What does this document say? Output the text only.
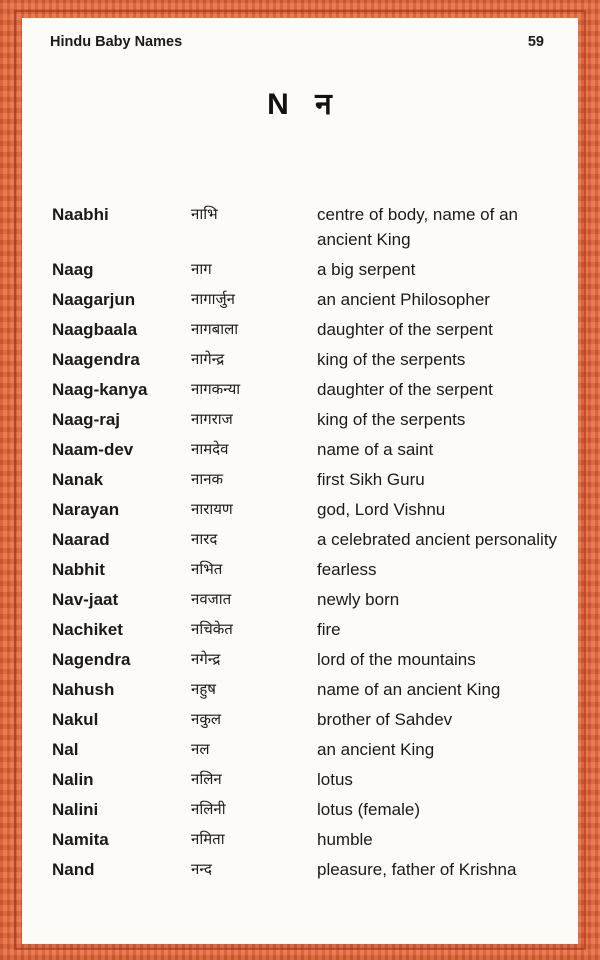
Hindu Baby Names	59
N न
Naabhi	नाभि	centre of body, name of an ancient King
Naag	नाग	a big serpent
Naagarjun	नागार्जुन	an ancient Philosopher
Naagbaala	नागबाला	daughter of the serpent
Naagendra	नागेन्द्र	king of the serpents
Naag-kanya	नागकन्या	daughter of the serpent
Naag-raj	नागराज	king of the serpents
Naam-dev	नामदेव	name of a saint
Nanak	नानक	first Sikh Guru
Narayan	नारायण	god, Lord Vishnu
Naarad	नारद	a celebrated ancient personality
Nabhit	नभित	fearless
Nav-jaat	नवजात	newly born
Nachiket	नचिकेत	fire
Nagendra	नगेन्द्र	lord of the mountains
Nahush	नहुष	name of an ancient King
Nakul	नकुल	brother of Sahdev
Nal	नल	an ancient King
Nalin	नलिन	lotus
Nalini	नलिनी	lotus (female)
Namita	नमिता	humble
Nand	नन्द	pleasure, father of Krishna
